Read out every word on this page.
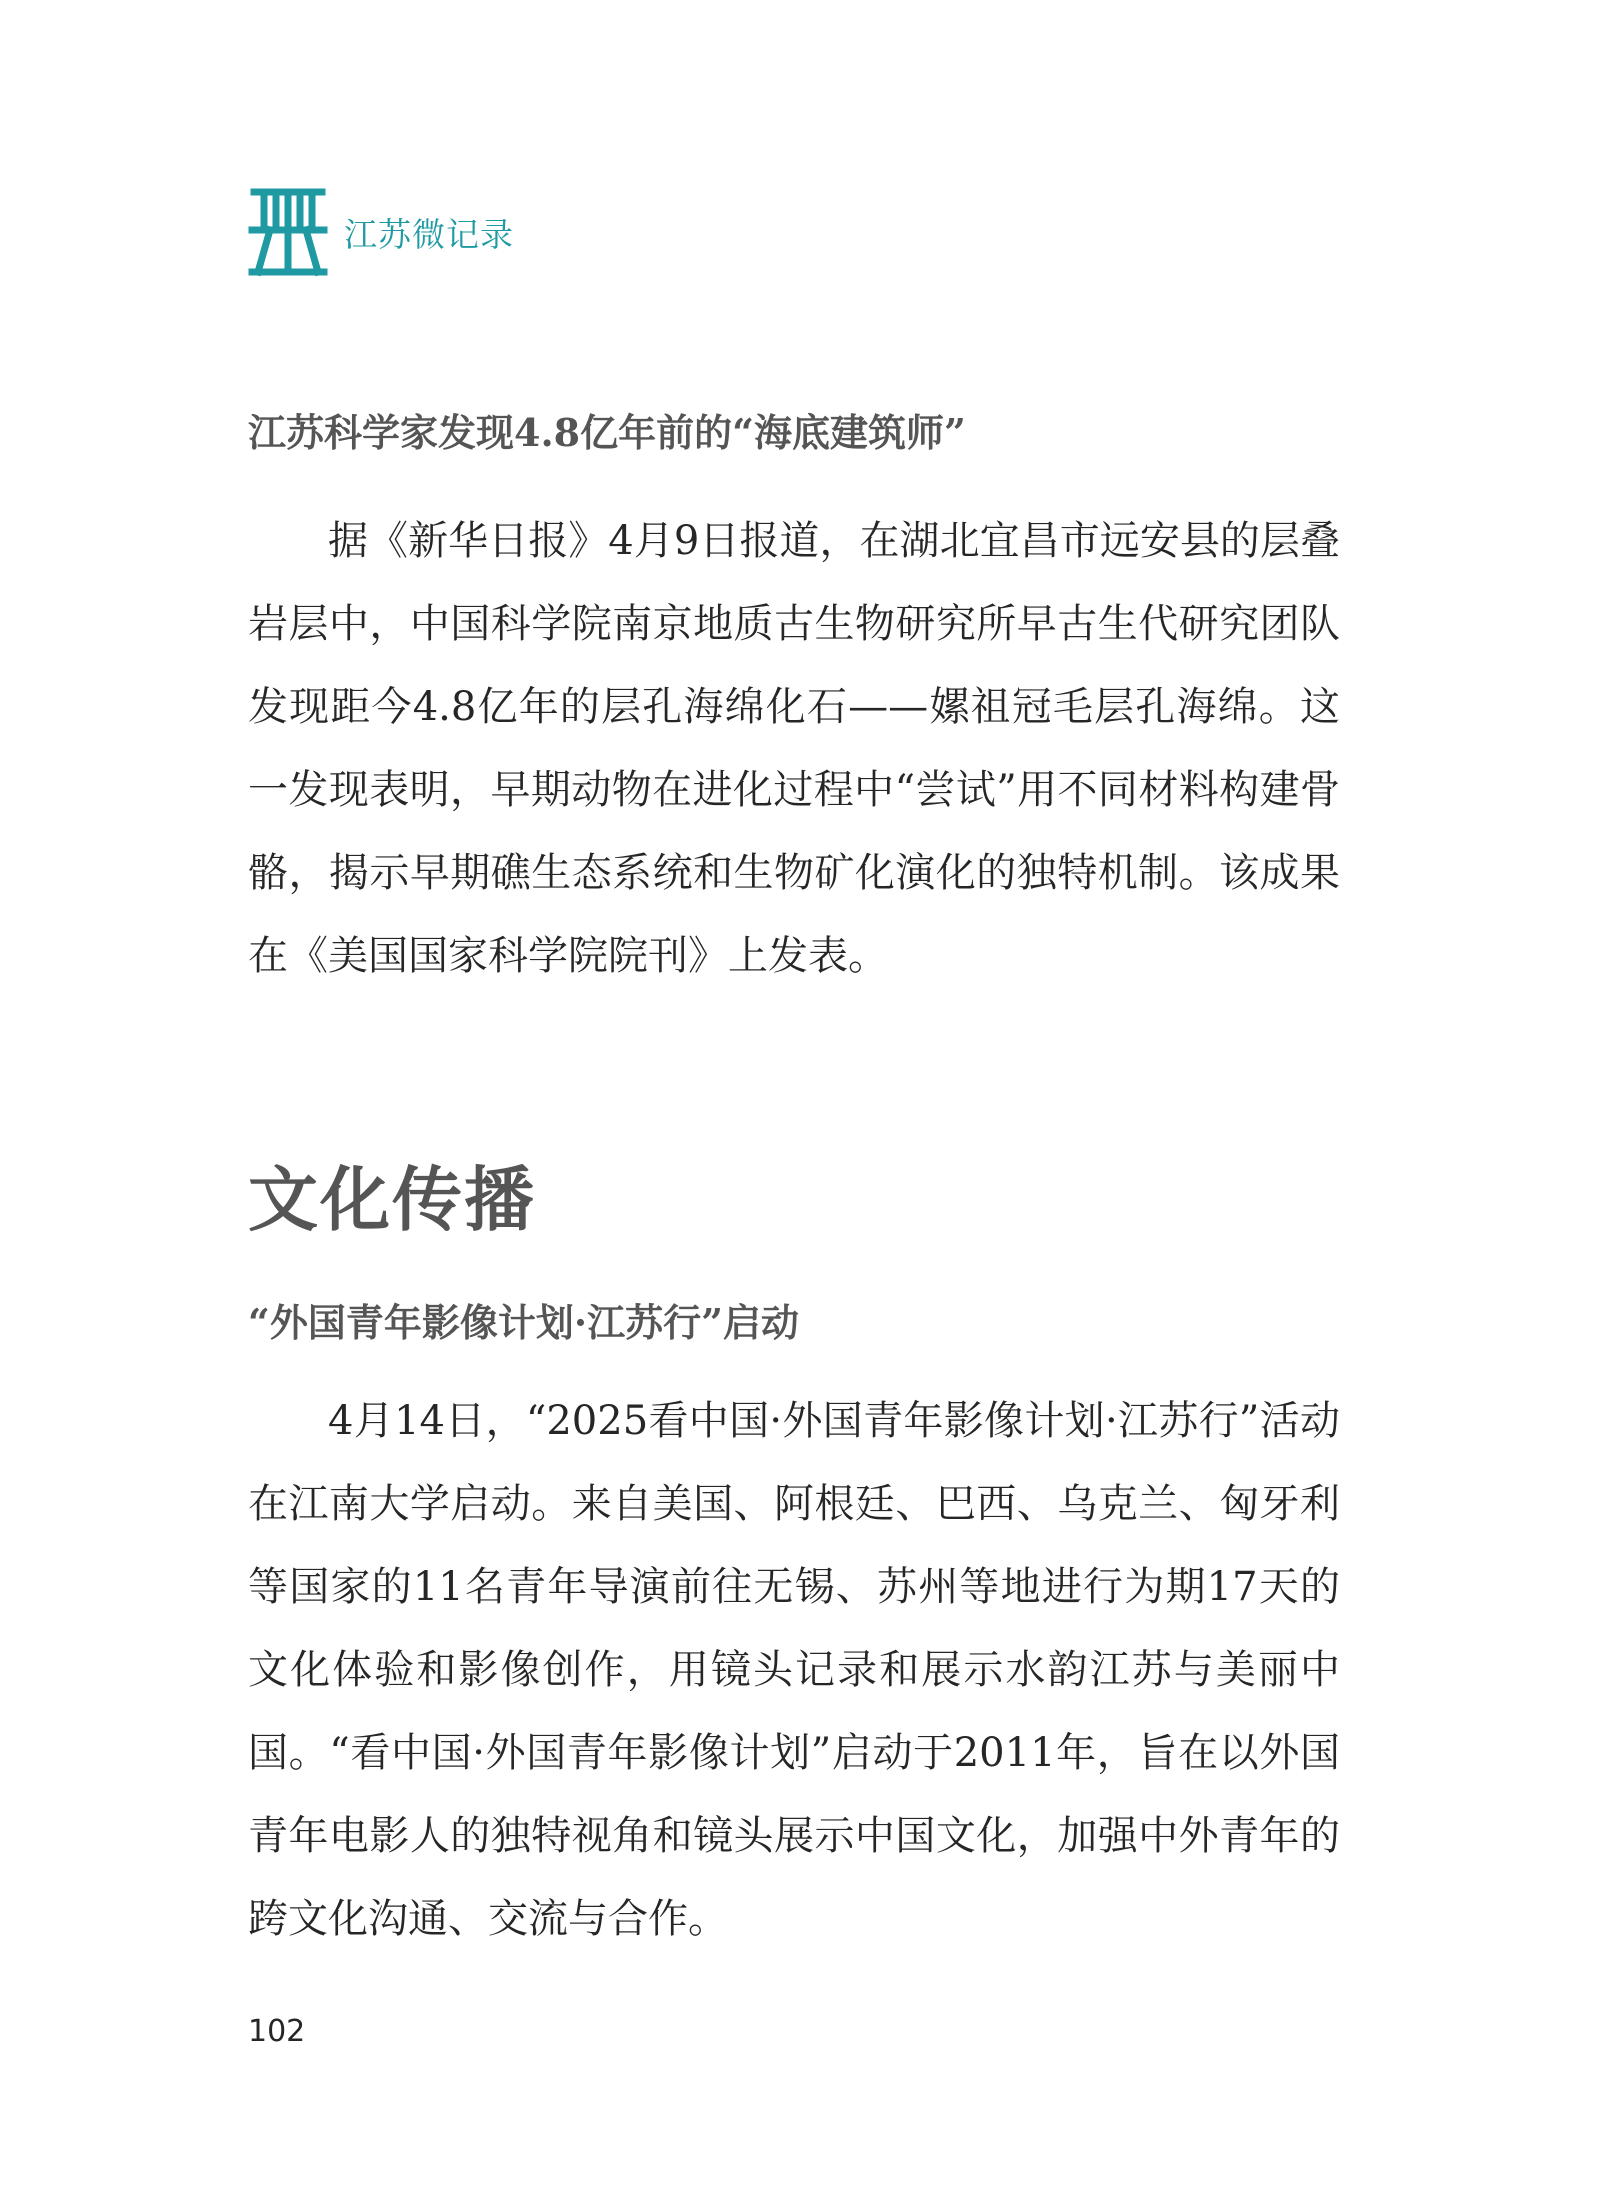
江苏微记录
江苏科学家发现4.8亿年前的“海底建筑师”

据《新华日报》4月9日报道，在湖北宜昌市远安县的层叠岩层中，中国科学院南京地质古生物研究所早古生代研究团队发现距今4.8亿年的层孔海绵化石——嫘祖冠毛层孔海绵。这一发现表明，早期动物在进化过程中“尝试”用不同材料构建骨骼，揭示早期礁生态系统和生物矿化演化的独特机制。该成果在《美国国家科学院院刊》上发表。

文化传播
“外国青年影像计划·江苏行”启动

4月14日，“2025看中国·外国青年影像计划·江苏行”活动在江南大学启动。来自美国、阿根廷、巴西、乌克兰、匈牙利等国家的11名青年导演前往无锡、苏州等地进行为期17天的文化体验和影像创作，用镜头记录和展示水韵江苏与美丽中国。“看中国·外国青年影像计划”启动于2011年，旨在以外国青年电影人的独特视角和镜头展示中国文化，加强中外青年的跨文化沟通、交流与合作。

102
